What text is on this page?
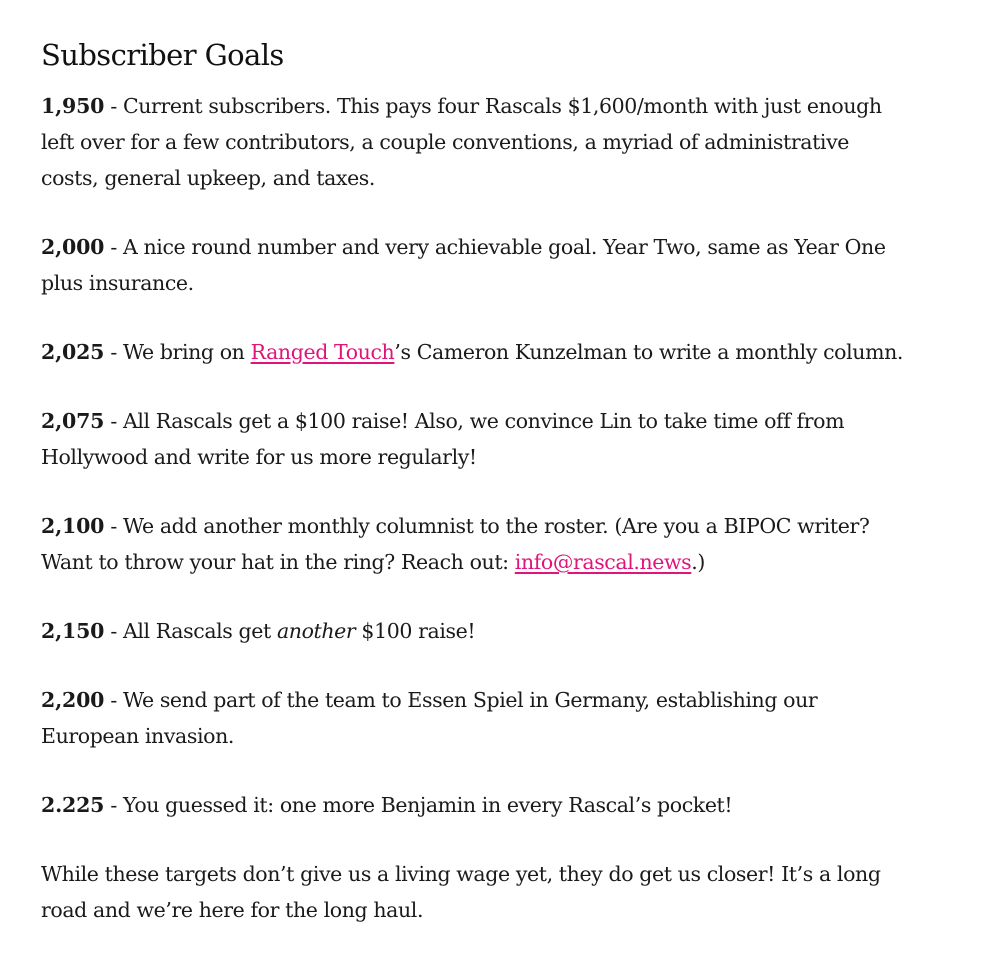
Subscriber Goals

1,950 - Current subscribers. This pays four Rascals $1,600/month with just enough left over for a few contributors, a couple conventions, a myriad of administrative costs, general upkeep, and taxes.

2,000 - A nice round number and very achievable goal. Year Two, same as Year One plus insurance.

2,025 - We bring on Ranged Touch’s Cameron Kunzelman to write a monthly column.

2,075 - All Rascals get a $100 raise! Also, we convince Lin to take time off from Hollywood and write for us more regularly!

2,100 - We add another monthly columnist to the roster. (Are you a BIPOC writer? Want to throw your hat in the ring? Reach out: info@rascal.news.)

2,150 - All Rascals get another $100 raise!

2,200 - We send part of the team to Essen Spiel in Germany, establishing our European invasion.

2.225 - You guessed it: one more Benjamin in every Rascal’s pocket!

While these targets don’t give us a living wage yet, they do get us closer! It’s a long road and we’re here for the long haul.
